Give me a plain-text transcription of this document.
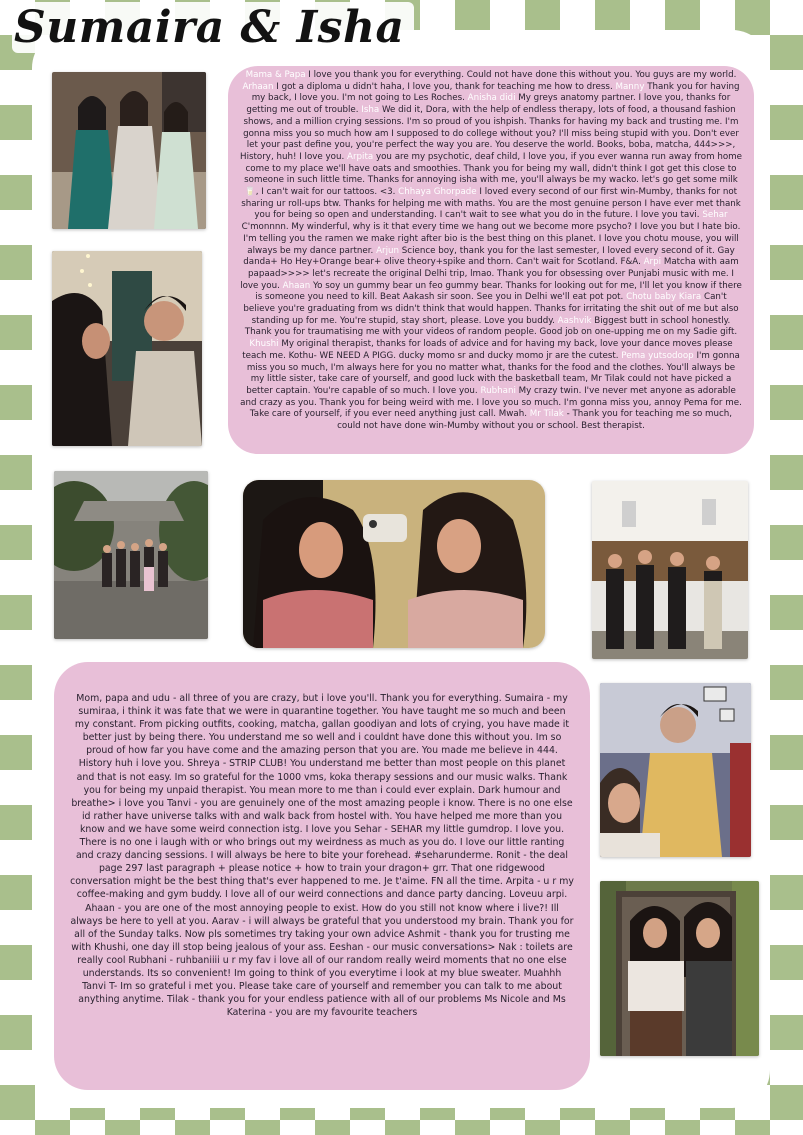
Sumaira & Isha
Mama & Papa I love you thank you for everything. Could not have done this without you. You guys are my world. Arhaan I got a diploma u didn't haha, I love you, thank for teaching me how to dress. Manny Thank you for having my back, I love you. I'm not going to Les Roches. Anisha didi My greys anatomy partner. I love you, thanks for getting me out of trouble. Isha We did it, Dora, with the help of endless therapy, lots of food, a thousand fashion shows, and a million crying sessions. I'm so proud of you ishpish. Thanks for having my back and trusting me. I'm gonna miss you so much how am I supposed to do college without you? I'll miss being stupid with you. Don't ever let your past define you, you're perfect the way you are. You deserve the world. Books, boba, matcha, 444>>>, History, huh! I love you. Arpita you are my psychotic, deaf child, I love you, if you ever wanna run away from home come to my place we'll have oats and smoothies. Thank you for being my wall, didn't think I got get this close to someone in such little time. Thanks for annoying isha with me, you'll always be my wacko. let's go get some milk 🥛, I can't wait for our tattoos. <3. Chhaya Ghorpade I loved every second of our first win-Mumby, thanks for not sharing ur roll-ups btw. Thanks for helping me with maths. You are the most genuine person I have ever met thank you for being so open and understanding. I can't wait to see what you do in the future. I love you tavi. Sehar C'monnnn. My winderful, why is it that every time we hang out we become more psycho? I love you but I hate bio. I'm telling you the ramen we make right after bio is the best thing on this planet. I love you chotu mouse, you will always be my dance partner. Arjun Science boy, thank you for the last semester, I loved every second of it. Gay danda+ Ho Hey+Orange bear+ olive theory+spike and thorn. Can't wait for Scotland. F&A. Arpi Matcha with aam papaad>>>> let's recreate the original Delhi trip, lmao. Thank you for obsessing over Punjabi music with me. I love you. Ahaan Yo soy un gummy bear un feo gummy bear. Thanks for looking out for me, I'll let you know if there is someone you need to kill. Beat Aakash sir soon. See you in Delhi we'll eat pot pot. Chotu baby Kiara Can't believe you're graduating from ws didn't think that would happen. Thanks for irritating the shit out of me but also standing up for me. You're stupid, stay short, please. Love you buddy. Aashvik Biggest butt in school honestly. Thank you for traumatising me with your videos of random people. Good job on one-upping me on my Sadie gift. Khushi My original therapist, thanks for loads of advice and for having my back, love your dance moves please teach me. Kothu- WE NEED A PIGG. ducky momo sr and ducky momo jr are the cutest. Pema yutsodoop I'm gonna miss you so much, I'm always here for you no matter what, thanks for the food and the clothes. You'll always be my little sister, take care of yourself, and good luck with the basketball team, Mr Tilak could not have picked a better captain. You're capable of so much. I love you. Rubhani My crazy twin. I've never met anyone as adorable and crazy as you. Thank you for being weird with me. I love you so much. I'm gonna miss you, annoy Pema for me. Take care of yourself, if you ever need anything just call. Mwah. Mr Tilak - Thank you for teaching me so much, could not have done win-Mumby without you or school. Best therapist.
Mom, papa and udu - all three of you are crazy, but i love you'll. Thank you for everything. Sumaira - my sumiraa, i think it was fate that we were in quarantine together. You have taught me so much and been my constant. From picking outfits, cooking, matcha, gallan goodiyan and lots of crying, you have made it better just by being there. You understand me so well and i couldnt have done this without you. Im so proud of how far you have come and the amazing person that you are. You made me believe in 444. History huh i love you. Shreya - STRIP CLUB! You understand me better than most people on this planet and that is not easy. Im so grateful for the 1000 vms, koka therapy sessions and our music walks. Thank you for being my unpaid therapist. You mean more to me than i could ever explain. Dark humour and breathe> i love you Tanvi - you are genuinely one of the most amazing people i know. There is no one else id rather have universe talks with and walk back from hostel with. You have helped me more than you know and we have some weird connection istg. I love you Sehar - SEHAR my little gumdrop. I love you. There is no one i laugh with or who brings out my weirdness as much as you do. I love our little ranting and crazy dancing sessions. I will always be here to bite your forehead. #seharunderme. Ronit - the deal page 297 last paragraph + please notice + how to train your dragon+ grr. That one ridgewood conversation might be the best thing that's ever happened to me. Je t'aime. FN all the time. Arpita - u r my coffee-making and gym buddy. I love all of our weird connections and dance party dancing. Loveuu arpi. Ahaan - you are one of the most annoying people to exist. How do you still not know where i live?! Ill always be here to yell at you. Aarav - i will always be grateful that you understood my brain. Thank you for all of the Sunday talks. Now pls sometimes try taking your own advice Ashmit - thank you for trusting me with Khushi, one day ill stop being jealous of your ass. Eeshan - our music conversations> Nak : toilets are really cool Rubhani - ruhbaniiii u r my fav i love all of our random really weird moments that no one else understands. Its so convenient! Im going to think of you everytime i look at my blue sweater. Muahhh Tanvi T- Im so grateful i met you. Please take care of yourself and remember you can talk to me about anything anytime. Tilak - thank you for your endless patience with all of our problems Ms Nicole and Ms Katerina - you are my favourite teachers
